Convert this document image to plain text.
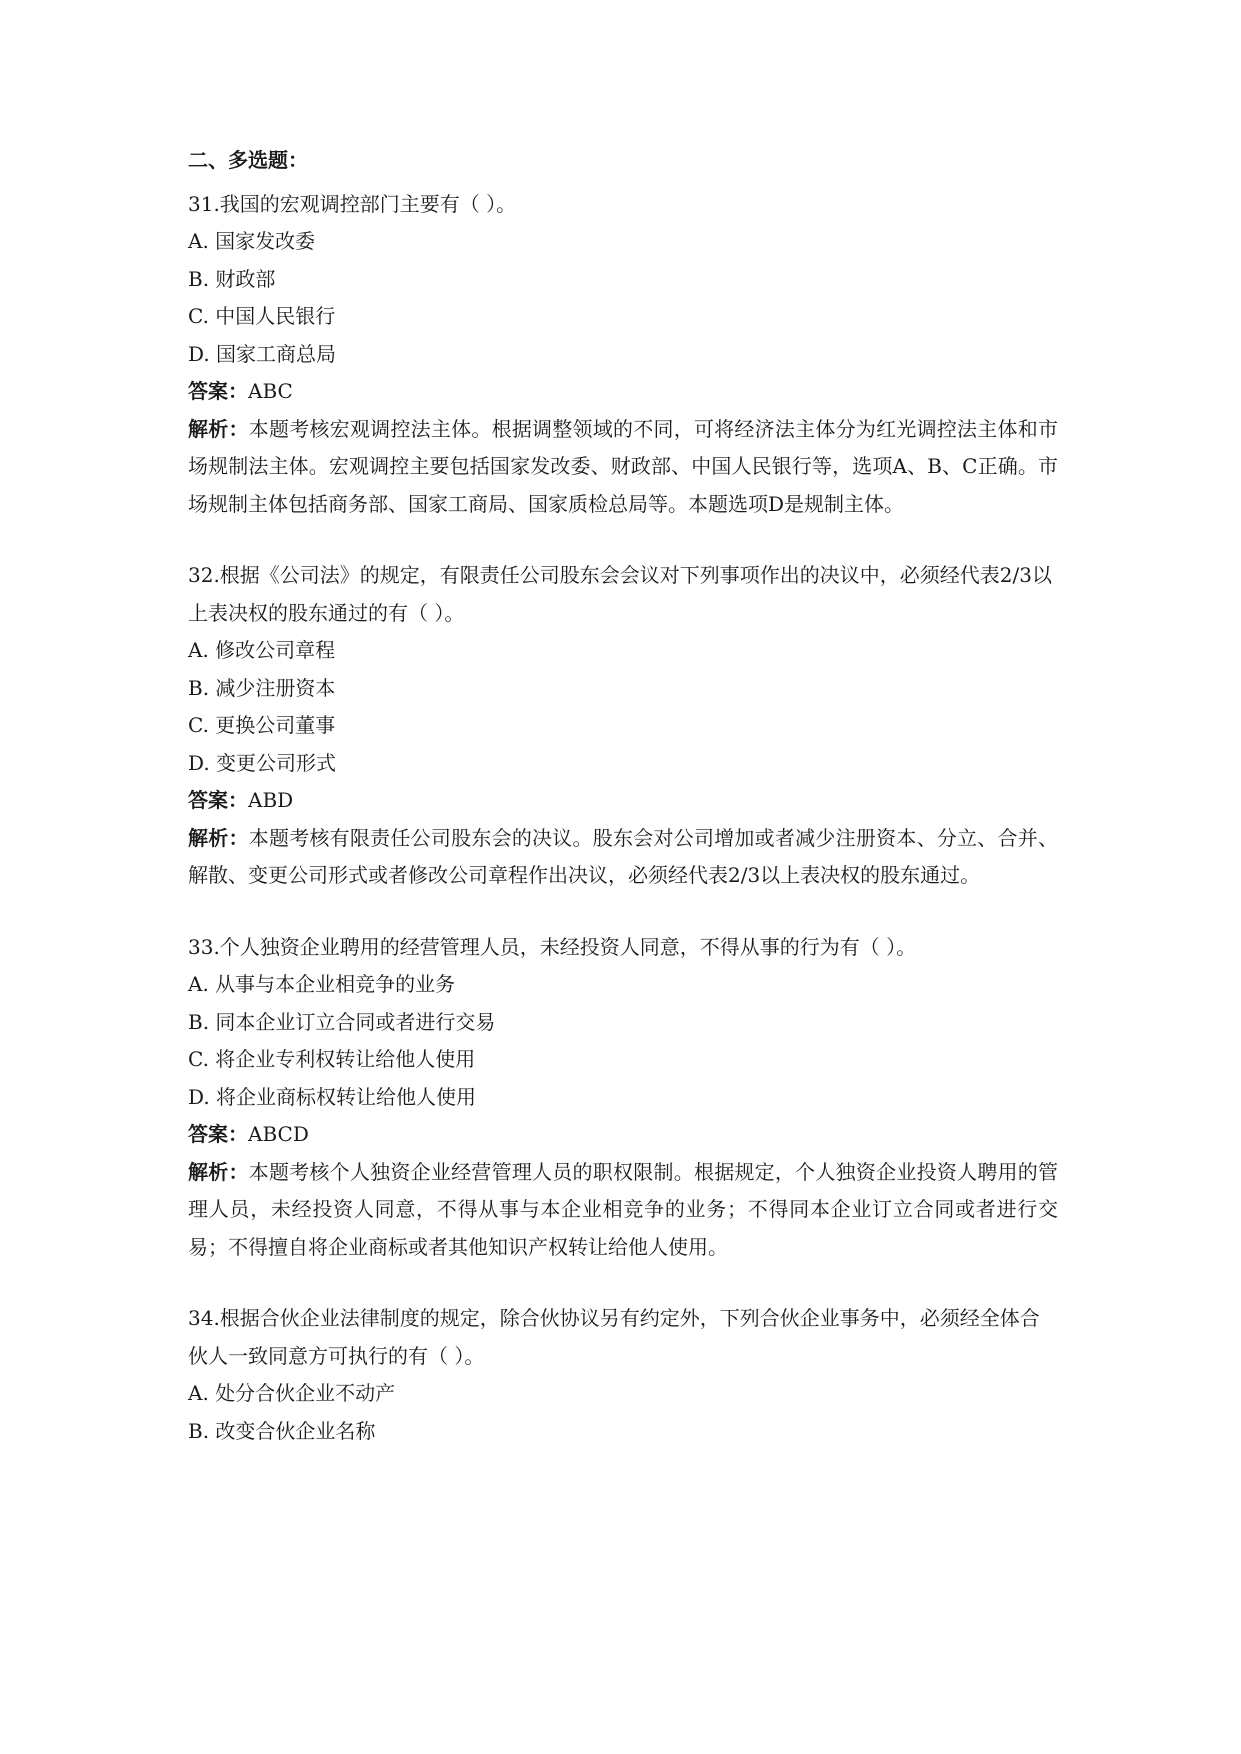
二、多选题：

31.我国的宏观调控部门主要有（ ）。
A. 国家发改委
B. 财政部
C. 中国人民银行
D. 国家工商总局
答案：ABC
解析：本题考核宏观调控法主体。根据调整领域的不同，可将经济法主体分为红光调控法主体和市场规制法主体。宏观调控主要包括国家发改委、财政部、中国人民银行等，选项A、B、C正确。市场规制主体包括商务部、国家工商局、国家质检总局等。本题选项D是规制主体。
32.根据《公司法》的规定，有限责任公司股东会会议对下列事项作出的决议中，必须经代表2/3以上表决权的股东通过的有（ ）。
A. 修改公司章程
B. 减少注册资本
C. 更换公司董事
D. 变更公司形式
答案：ABD
解析：本题考核有限责任公司股东会的决议。股东会对公司增加或者减少注册资本、分立、合并、解散、变更公司形式或者修改公司章程作出决议，必须经代表2/3以上表决权的股东通过。
33.个人独资企业聘用的经营管理人员，未经投资人同意，不得从事的行为有（ ）。
A. 从事与本企业相竞争的业务
B. 同本企业订立合同或者进行交易
C. 将企业专利权转让给他人使用
D. 将企业商标权转让给他人使用
答案：ABCD
解析：本题考核个人独资企业经营管理人员的职权限制。根据规定，个人独资企业投资人聘用的管理人员，未经投资人同意，不得从事与本企业相竞争的业务；不得同本企业订立合同或者进行交易；不得擅自将企业商标或者其他知识产权转让给他人使用。
34.根据合伙企业法律制度的规定，除合伙协议另有约定外，下列合伙企业事务中，必须经全体合伙人一致同意方可执行的有（ ）。
A. 处分合伙企业不动产
B. 改变合伙企业名称
